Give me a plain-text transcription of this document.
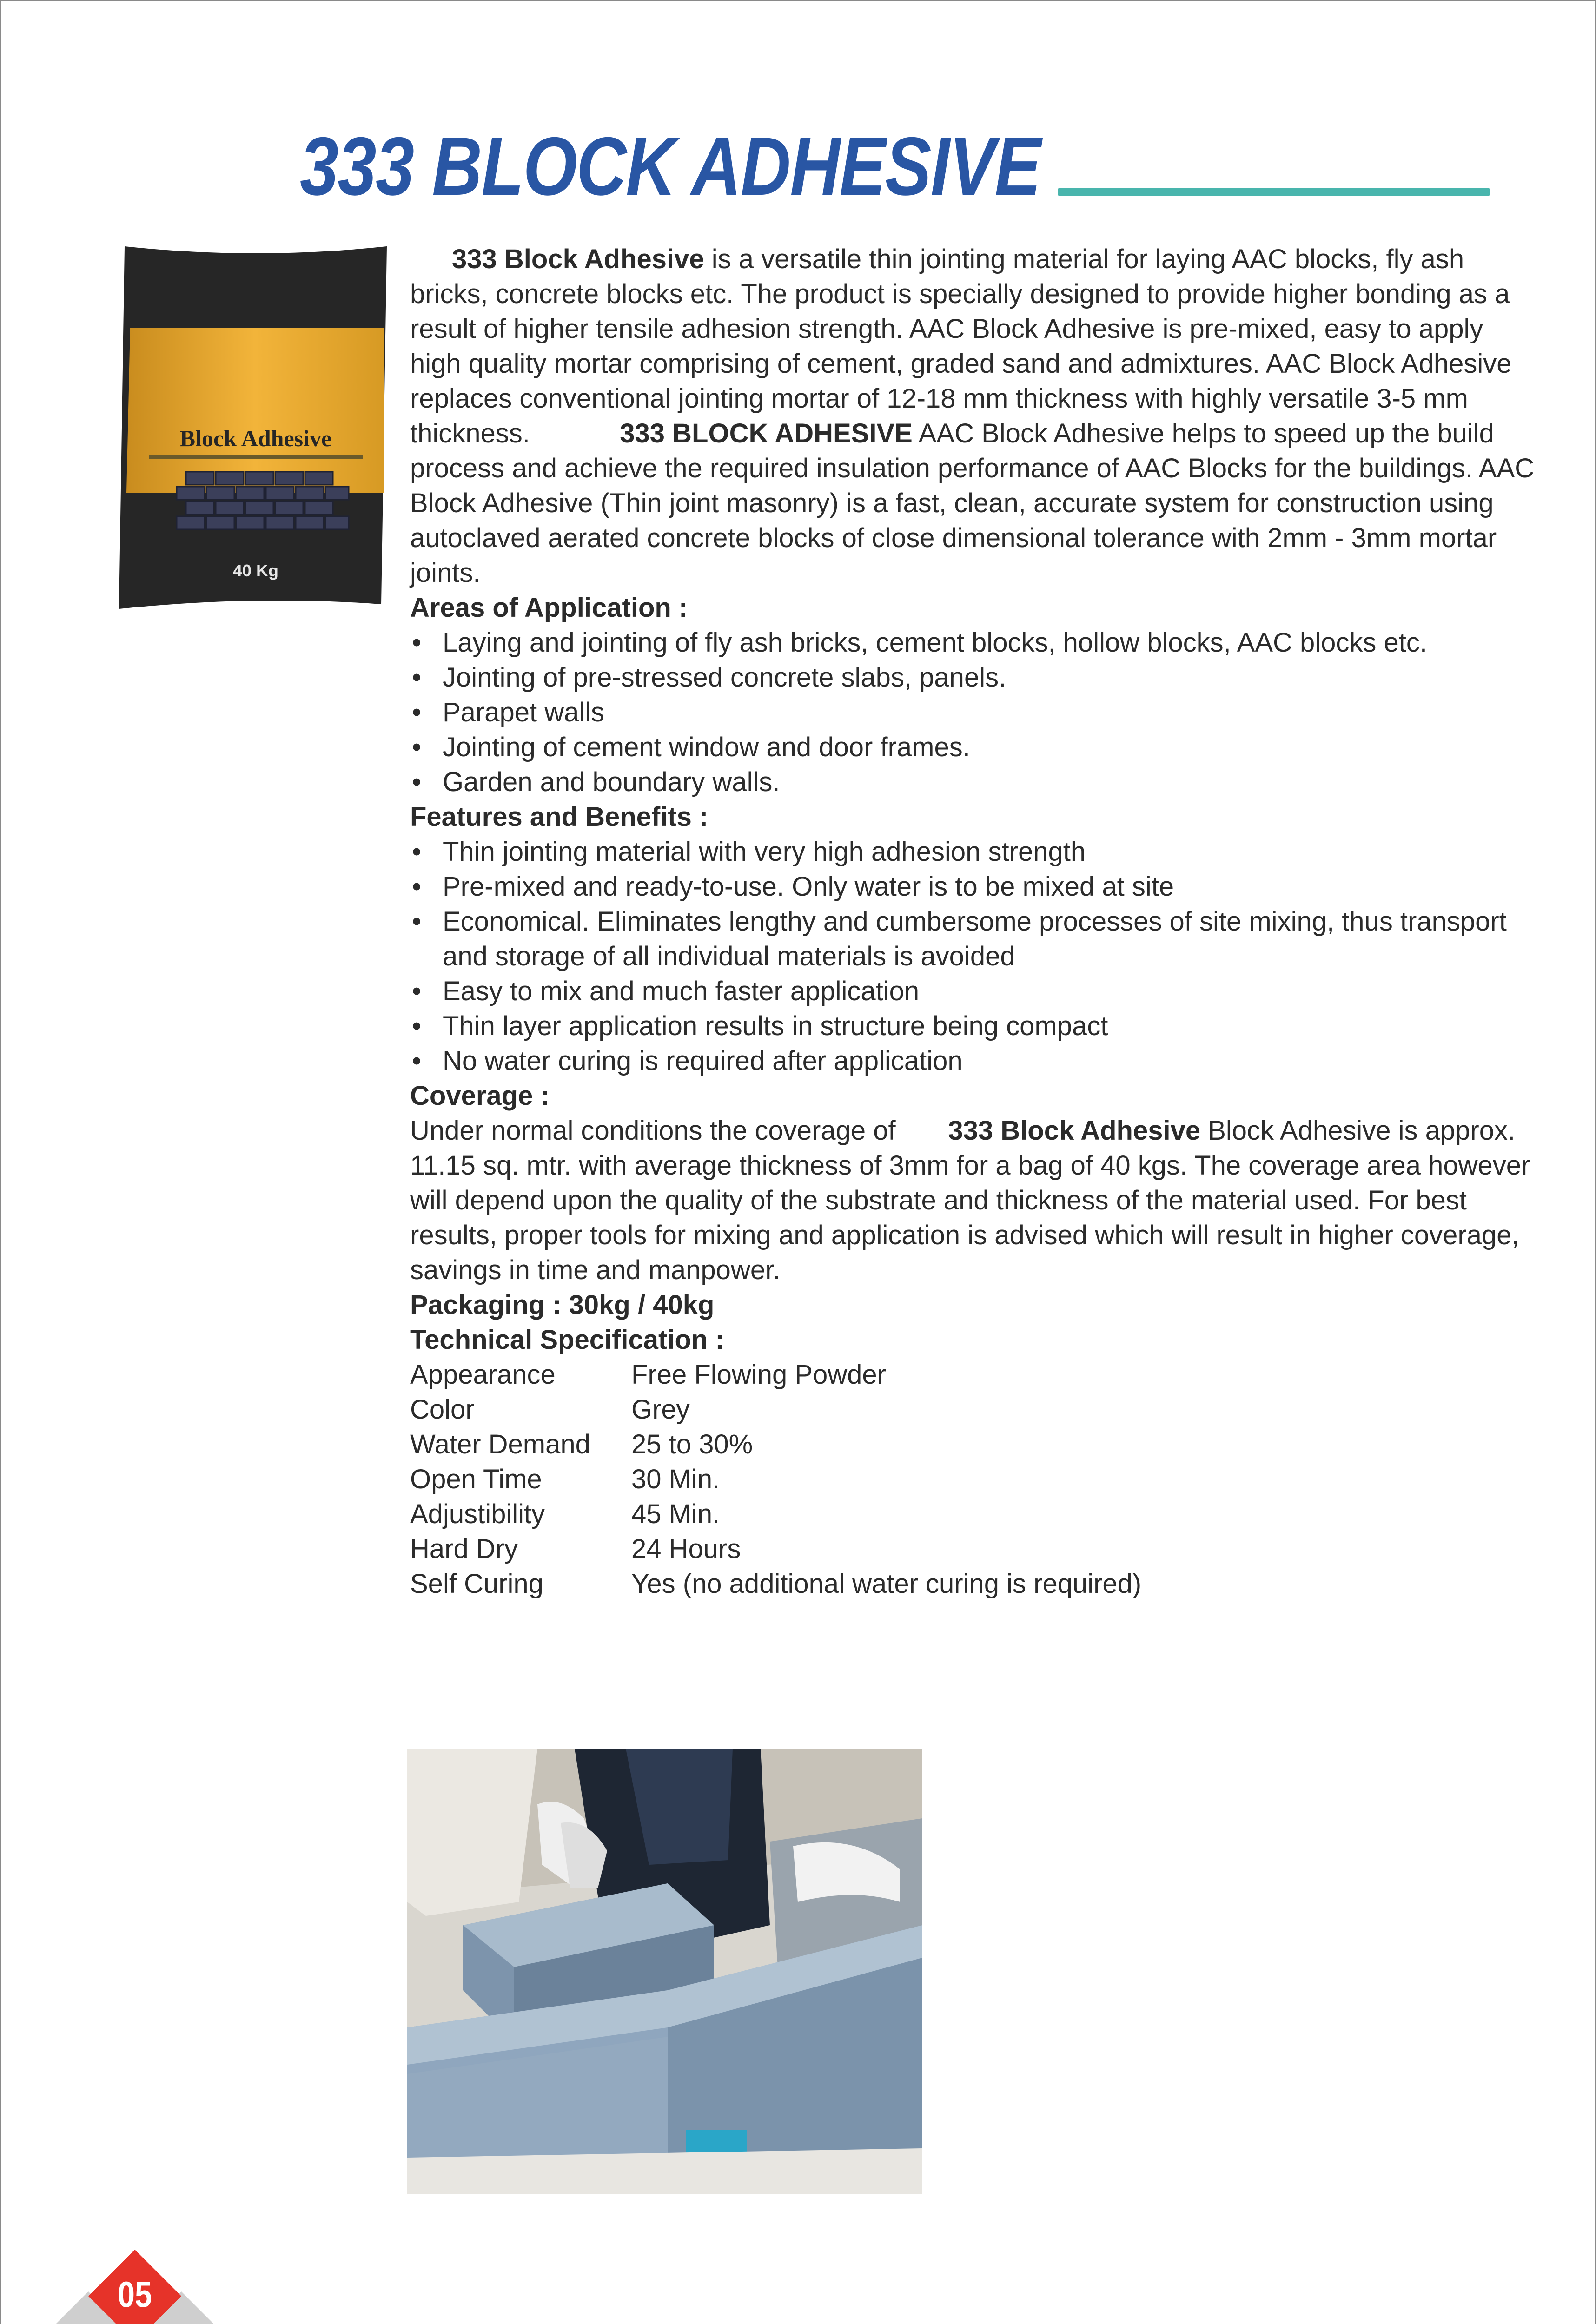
333 BLOCK ADHESIVE
Block Adhesive
40 Kg

333 Block Adhesive is a versatile thin jointing material for laying AAC blocks, fly ash bricks, concrete blocks etc. The product is specially designed to provide higher bonding as a result of higher tensile adhesion strength. AAC Block Adhesive is pre-mixed, easy to apply high quality mortar comprising of cement, graded sand and admixtures. AAC Block Adhesive replaces conventional jointing mortar of 12-18 mm thickness with highly versatile 3-5 mm thickness.	333 BLOCK ADHESIVE AAC Block Adhesive helps to speed up the build process and achieve the required insulation performance of AAC Blocks for the buildings. AAC Block Adhesive (Thin joint masonry) is a fast, clean, accurate system for construction using autoclaved aerated concrete blocks of close dimensional tolerance with 2mm - 3mm mortar joints.

Areas of Application :

• Laying and jointing of fly ash bricks, cement blocks, hollow blocks, AAC blocks etc.
• Jointing of pre-stressed concrete slabs, panels.
• Parapet walls
• Jointing of cement window and door frames.
• Garden and boundary walls.

Features and Benefits :

• Thin jointing material with very high adhesion strength
• Pre-mixed and ready-to-use. Only water is to be mixed at site
• Economical. Eliminates lengthy and cumbersome processes of site mixing, thus transport and storage of all individual materials is avoided
• Easy to mix and much faster application
• Thin layer application results in structure being compact
• No water curing is required after application

Coverage :

Under normal conditions the coverage of       333 Block Adhesive Block Adhesive is approx. 11.15 sq. mtr. with average thickness of 3mm for a bag of 40 kgs. The coverage area however will depend upon the quality of the substrate and thickness of the material used. For best results, proper tools for mixing and application is advised which will result in higher coverage, savings in time and manpower.

Packaging : 30kg / 40kg

Technical Specification :

Appearance	Free Flowing Powder
Color	Grey
Water Demand	25 to 30%
Open Time	30 Min.
Adjustibility	45 Min.
Hard Dry	24 Hours
Self Curing	Yes (no additional water curing is required)
05
